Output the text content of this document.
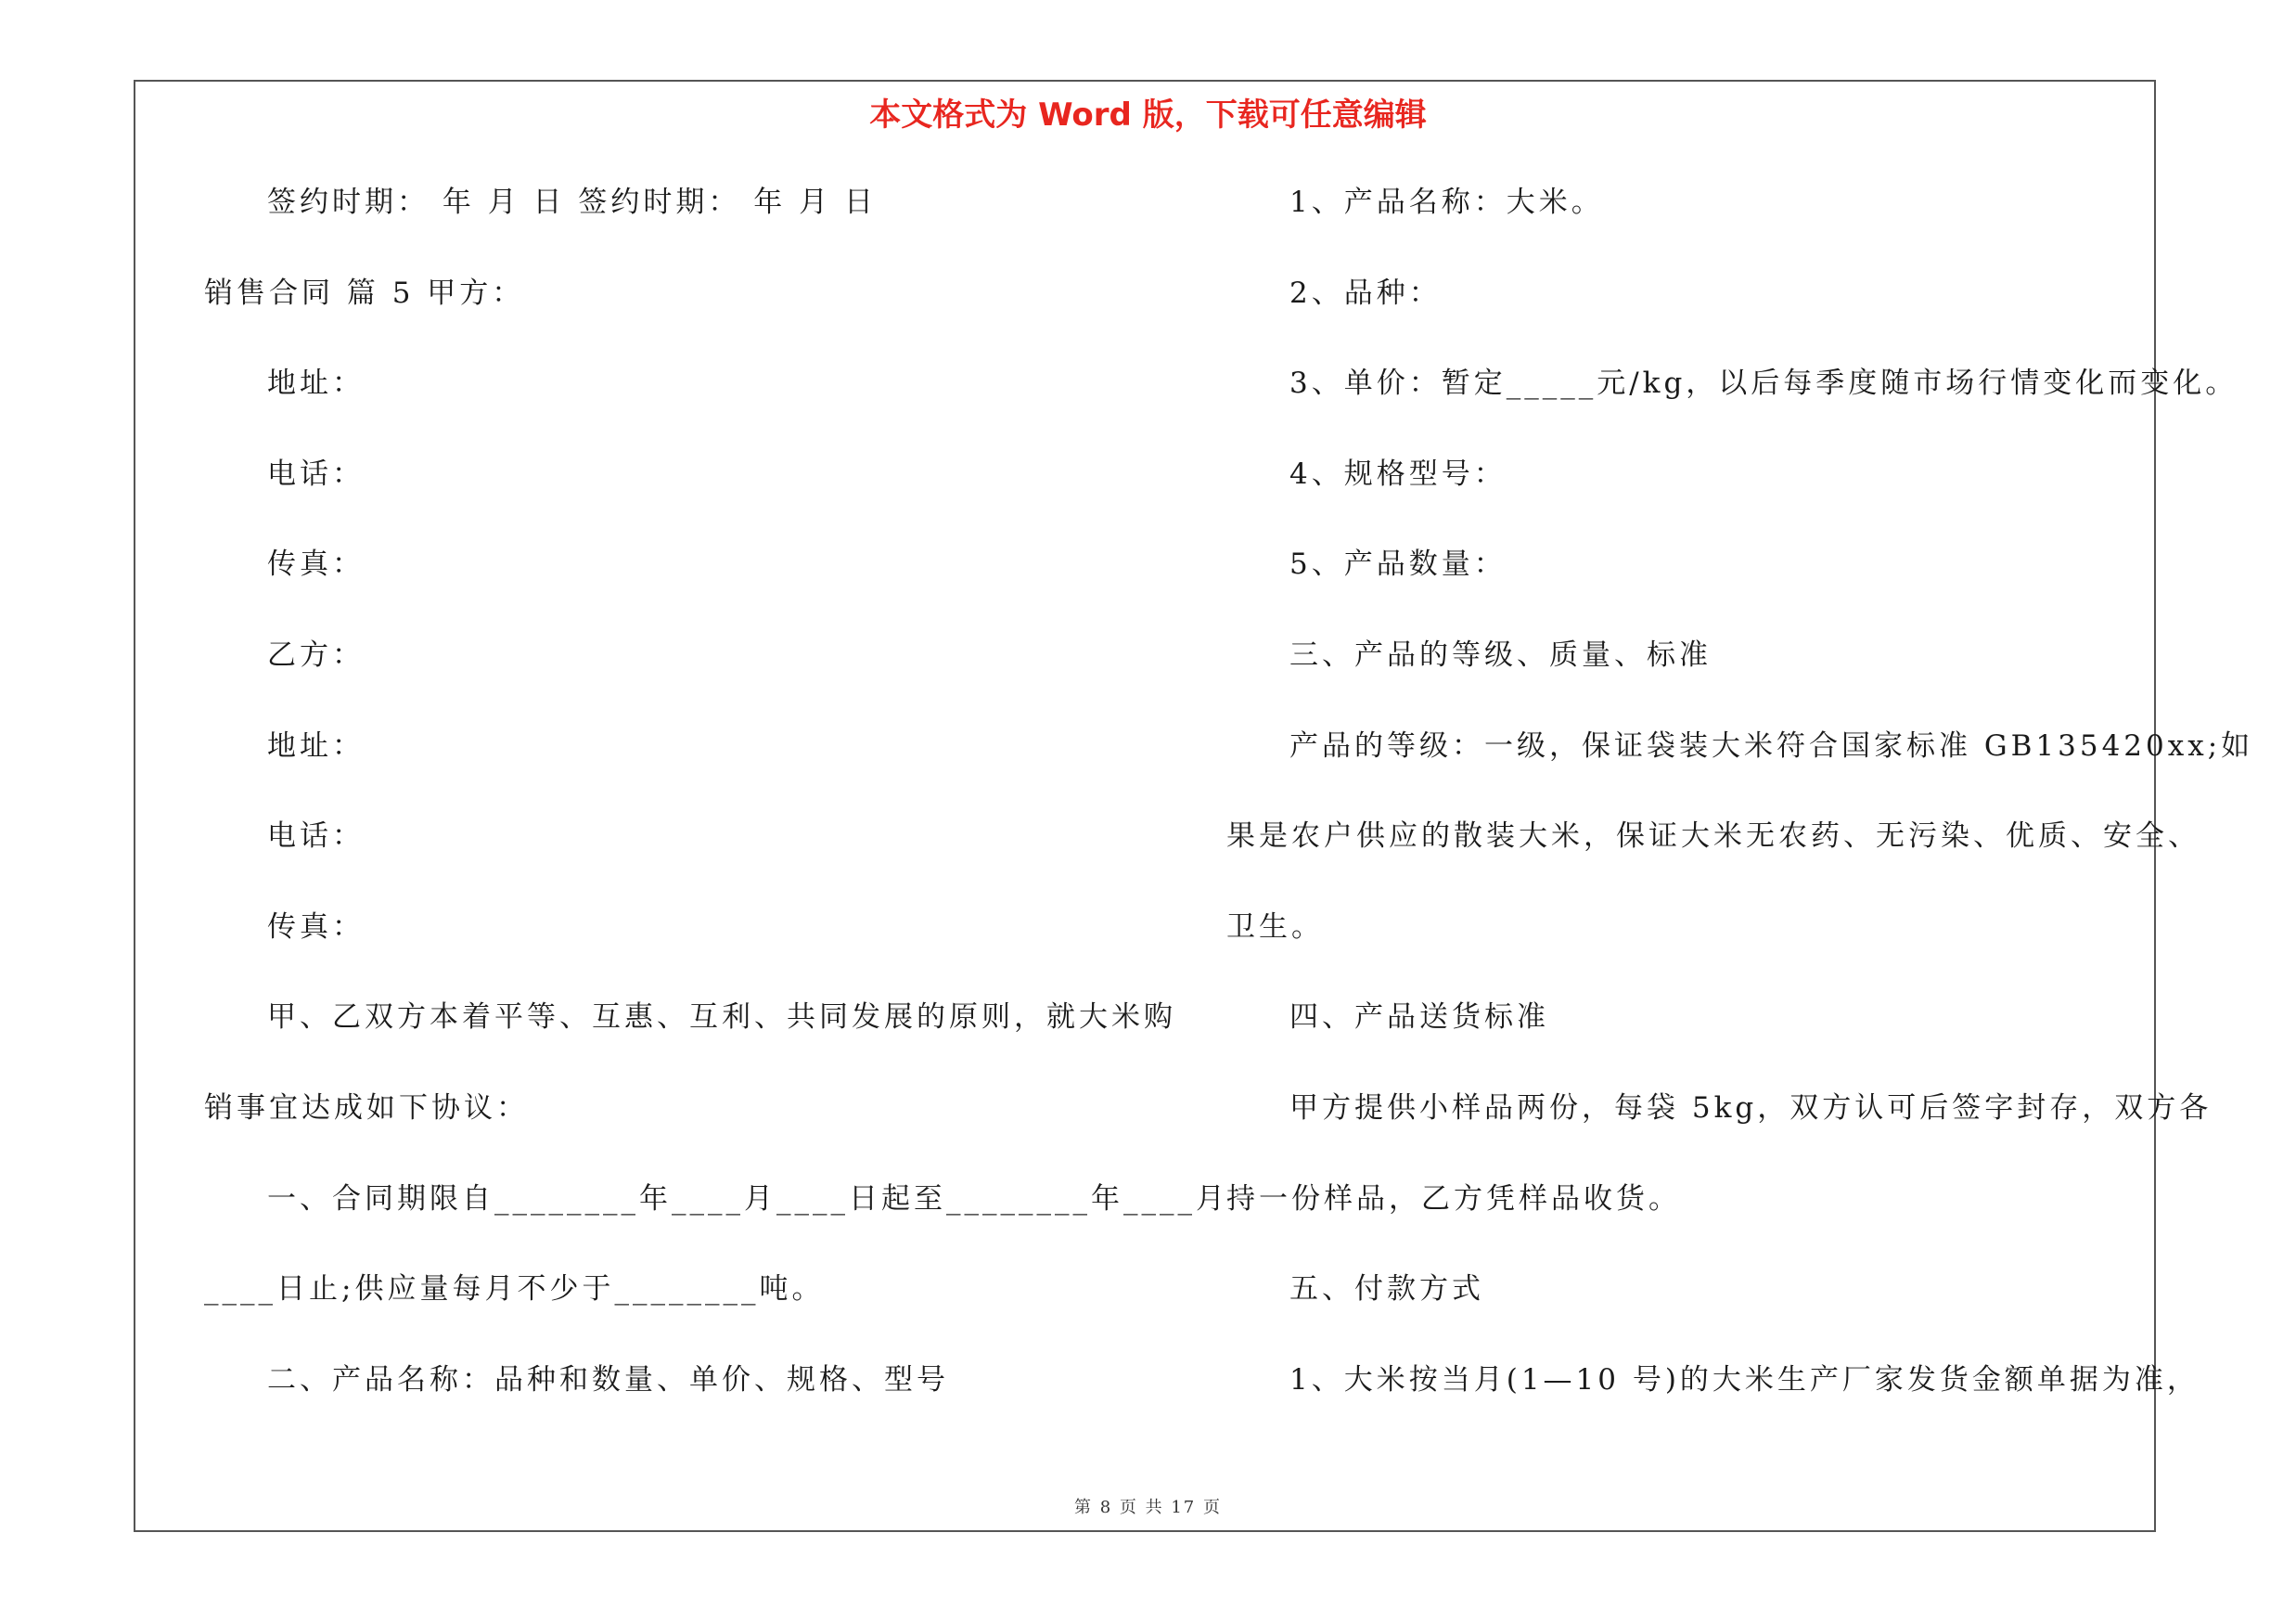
本文格式为 Word 版，下载可任意编辑
签约时期： 年 月 日 签约时期： 年 月 日
销售合同 篇 5 甲方：
地址：
电话：
传真：
乙方：
地址：
电话：
传真：
甲、乙双方本着平等、互惠、互利、共同发展的原则，就大米购
销事宜达成如下协议：
一、合同期限自________年____月____日起至________年____月
____日止;供应量每月不少于________吨。
二、产品名称：品种和数量、单价、规格、型号
1、产品名称：大米。
2、品种：
3、单价：暂定_____元/kg，以后每季度随市场行情变化而变化。
4、规格型号：
5、产品数量：
三、产品的等级、质量、标准
产品的等级：一级，保证袋装大米符合国家标准 GB135420xx;如
果是农户供应的散装大米，保证大米无农药、无污染、优质、安全、
卫生。
四、产品送货标准
甲方提供小样品两份，每袋 5kg，双方认可后签字封存，双方各
持一份样品，乙方凭样品收货。
五、付款方式
1、大米按当月(1—10 号)的大米生产厂家发货金额单据为准，
第 8 页 共 17 页
